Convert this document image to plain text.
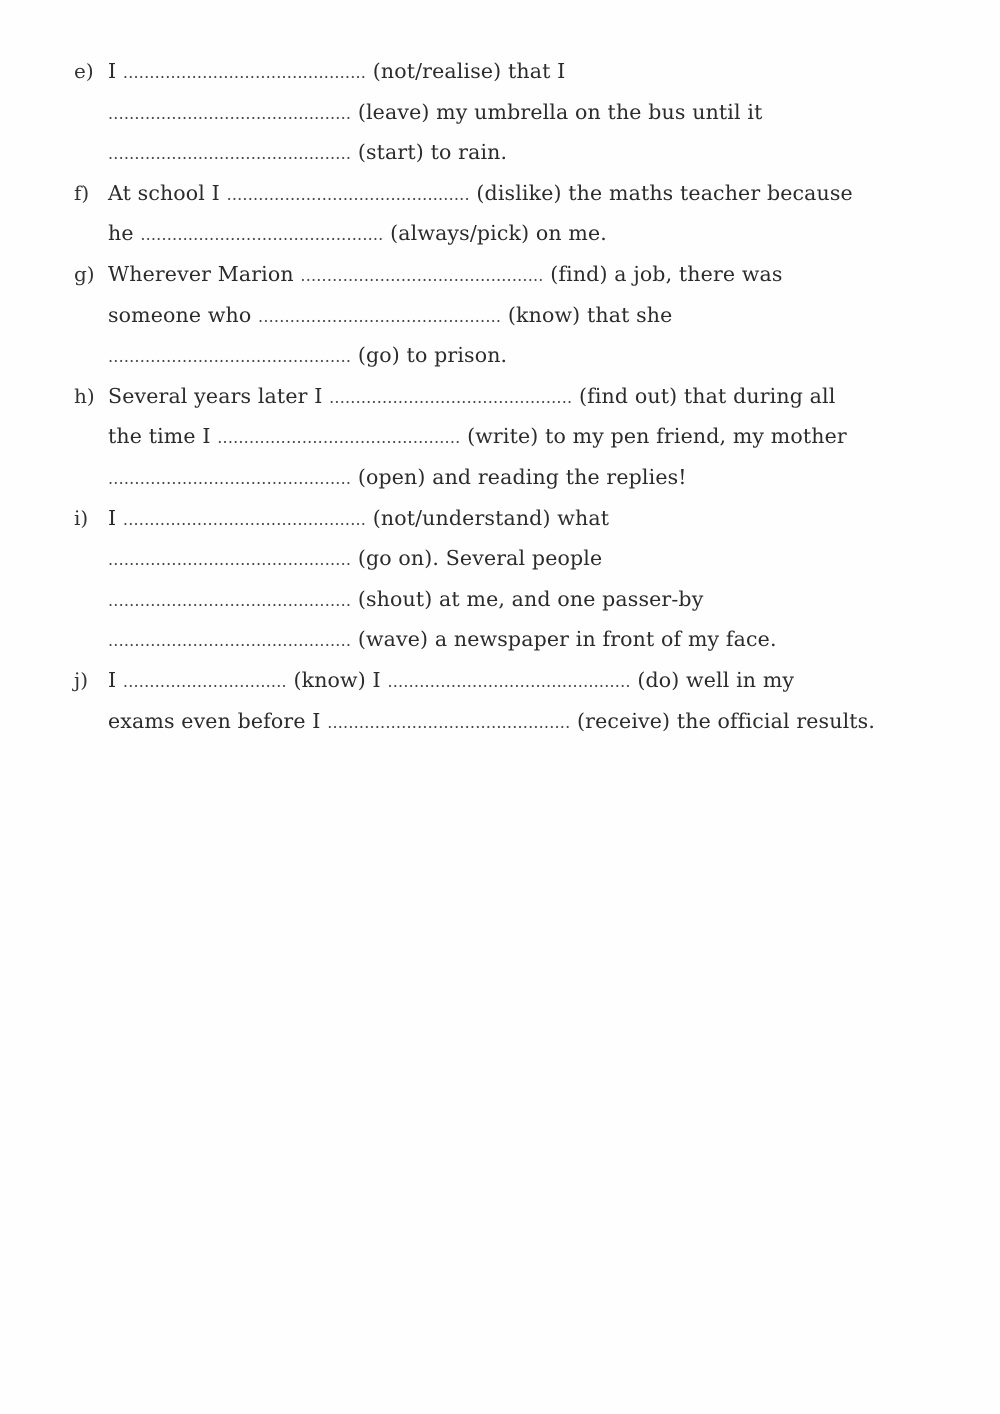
e) I .............................................. (not/realise) that I
.............................................. (leave) my umbrella on the bus until it
.............................................. (start) to rain.
f) At school I .............................................. (dislike) the maths teacher because
he .............................................. (always/pick) on me.
g) Wherever Marion .............................................. (find) a job, there was
someone who .............................................. (know) that she
.............................................. (go) to prison.
h) Several years later I .............................................. (find out) that during all
the time I .............................................. (write) to my pen friend, my mother
.............................................. (open) and reading the replies!
i) I .............................................. (not/understand) what
.............................................. (go on). Several people
.............................................. (shout) at me, and one passer-by
.............................................. (wave) a newspaper in front of my face.
j) I ............................... (know) I .............................................. (do) well in my
exams even before I .............................................. (receive) the official results.
